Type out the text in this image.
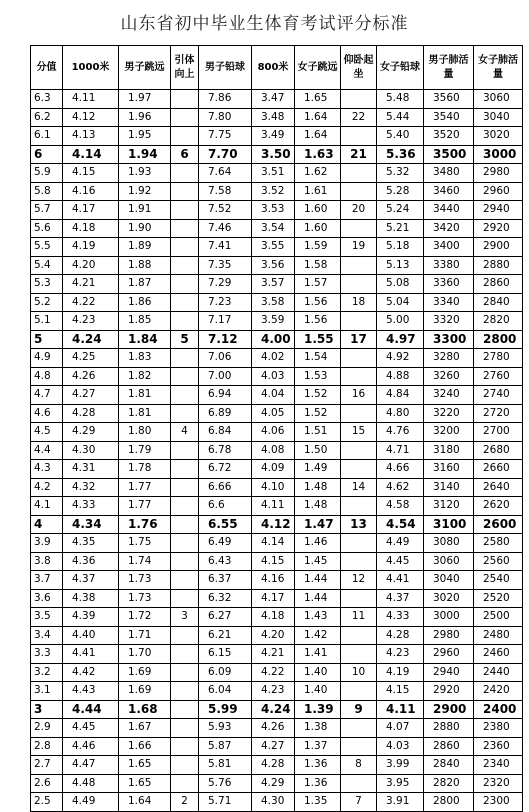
山东省初中毕业生体育考试评分标准
分值	1000米	男子跳远	引体向上	男子铅球	800米	女子跳远	仰卧起坐	女子铅球	男子肺活量	女子肺活量
6.3	4.11	1.97		7.86	3.47	1.65		5.48	3560	3060
6.2	4.12	1.96		7.80	3.48	1.64	22	5.44	3540	3040
6.1	4.13	1.95		7.75	3.49	1.64		5.40	3520	3020
6	4.14	1.94	6	7.70	3.50	1.63	21	5.36	3500	3000
5.9	4.15	1.93		7.64	3.51	1.62		5.32	3480	2980
5.8	4.16	1.92		7.58	3.52	1.61		5.28	3460	2960
5.7	4.17	1.91		7.52	3.53	1.60	20	5.24	3440	2940
5.6	4.18	1.90		7.46	3.54	1.60		5.21	3420	2920
5.5	4.19	1.89		7.41	3.55	1.59	19	5.18	3400	2900
5.4	4.20	1.88		7.35	3.56	1.58		5.13	3380	2880
5.3	4.21	1.87		7.29	3.57	1.57		5.08	3360	2860
5.2	4.22	1.86		7.23	3.58	1.56	18	5.04	3340	2840
5.1	4.23	1.85		7.17	3.59	1.56		5.00	3320	2820
5	4.24	1.84	5	7.12	4.00	1.55	17	4.97	3300	2800
4.9	4.25	1.83		7.06	4.02	1.54		4.92	3280	2780
4.8	4.26	1.82		7.00	4.03	1.53		4.88	3260	2760
4.7	4.27	1.81		6.94	4.04	1.52	16	4.84	3240	2740
4.6	4.28	1.81		6.89	4.05	1.52		4.80	3220	2720
4.5	4.29	1.80	4	6.84	4.06	1.51	15	4.76	3200	2700
4.4	4.30	1.79		6.78	4.08	1.50		4.71	3180	2680
4.3	4.31	1.78		6.72	4.09	1.49		4.66	3160	2660
4.2	4.32	1.77		6.66	4.10	1.48	14	4.62	3140	2640
4.1	4.33	1.77		6.6	4.11	1.48		4.58	3120	2620
4	4.34	1.76		6.55	4.12	1.47	13	4.54	3100	2600
3.9	4.35	1.75		6.49	4.14	1.46		4.49	3080	2580
3.8	4.36	1.74		6.43	4.15	1.45		4.45	3060	2560
3.7	4.37	1.73		6.37	4.16	1.44	12	4.41	3040	2540
3.6	4.38	1.73		6.32	4.17	1.44		4.37	3020	2520
3.5	4.39	1.72	3	6.27	4.18	1.43	11	4.33	3000	2500
3.4	4.40	1.71		6.21	4.20	1.42		4.28	2980	2480
3.3	4.41	1.70		6.15	4.21	1.41		4.23	2960	2460
3.2	4.42	1.69		6.09	4.22	1.40	10	4.19	2940	2440
3.1	4.43	1.69		6.04	4.23	1.40		4.15	2920	2420
3	4.44	1.68		5.99	4.24	1.39	9	4.11	2900	2400
2.9	4.45	1.67		5.93	4.26	1.38		4.07	2880	2380
2.8	4.46	1.66		5.87	4.27	1.37		4.03	2860	2360
2.7	4.47	1.65		5.81	4.28	1.36	8	3.99	2840	2340
2.6	4.48	1.65		5.76	4.29	1.36		3.95	2820	2320
2.5	4.49	1.64	2	5.71	4.30	1.35	7	3.91	2800	2300
